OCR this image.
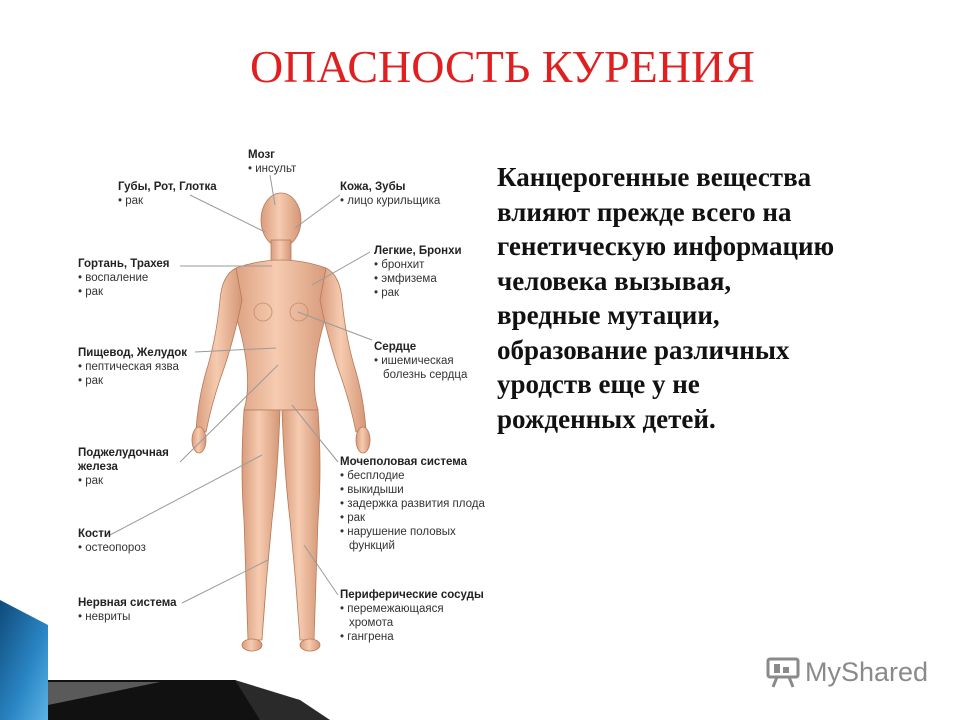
ОПАСНОСТЬ КУРЕНИЯ
Канцерогенные вещества
влияют прежде всего на
генетическую информацию
человека вызывая,
вредные мутации,
образование различных
уродств еще у не
рожденных детей.
Мозг
• инсульт
Губы, Рот, Глотка
• рак
Кожа, Зубы
• лицо курильщика
Гортань, Трахея
• воспаление
• рак
Легкие, Бронхи
• бронхит
• эмфизема
• рак
Сердце
• ишемическая
болезнь сердца
Пищевод, Желудок
• пептическая язва
• рак
Поджелудочная
железа
• рак
Мочеполовая система
• бесплодие
• выкидыши
• задержка развития плода
• рак
• нарушение половых
функций
Кости
• остеопороз
Нервная система
• невриты
Периферические сосуды
• перемежающаяся
хромота
• гангрена
MyShared
